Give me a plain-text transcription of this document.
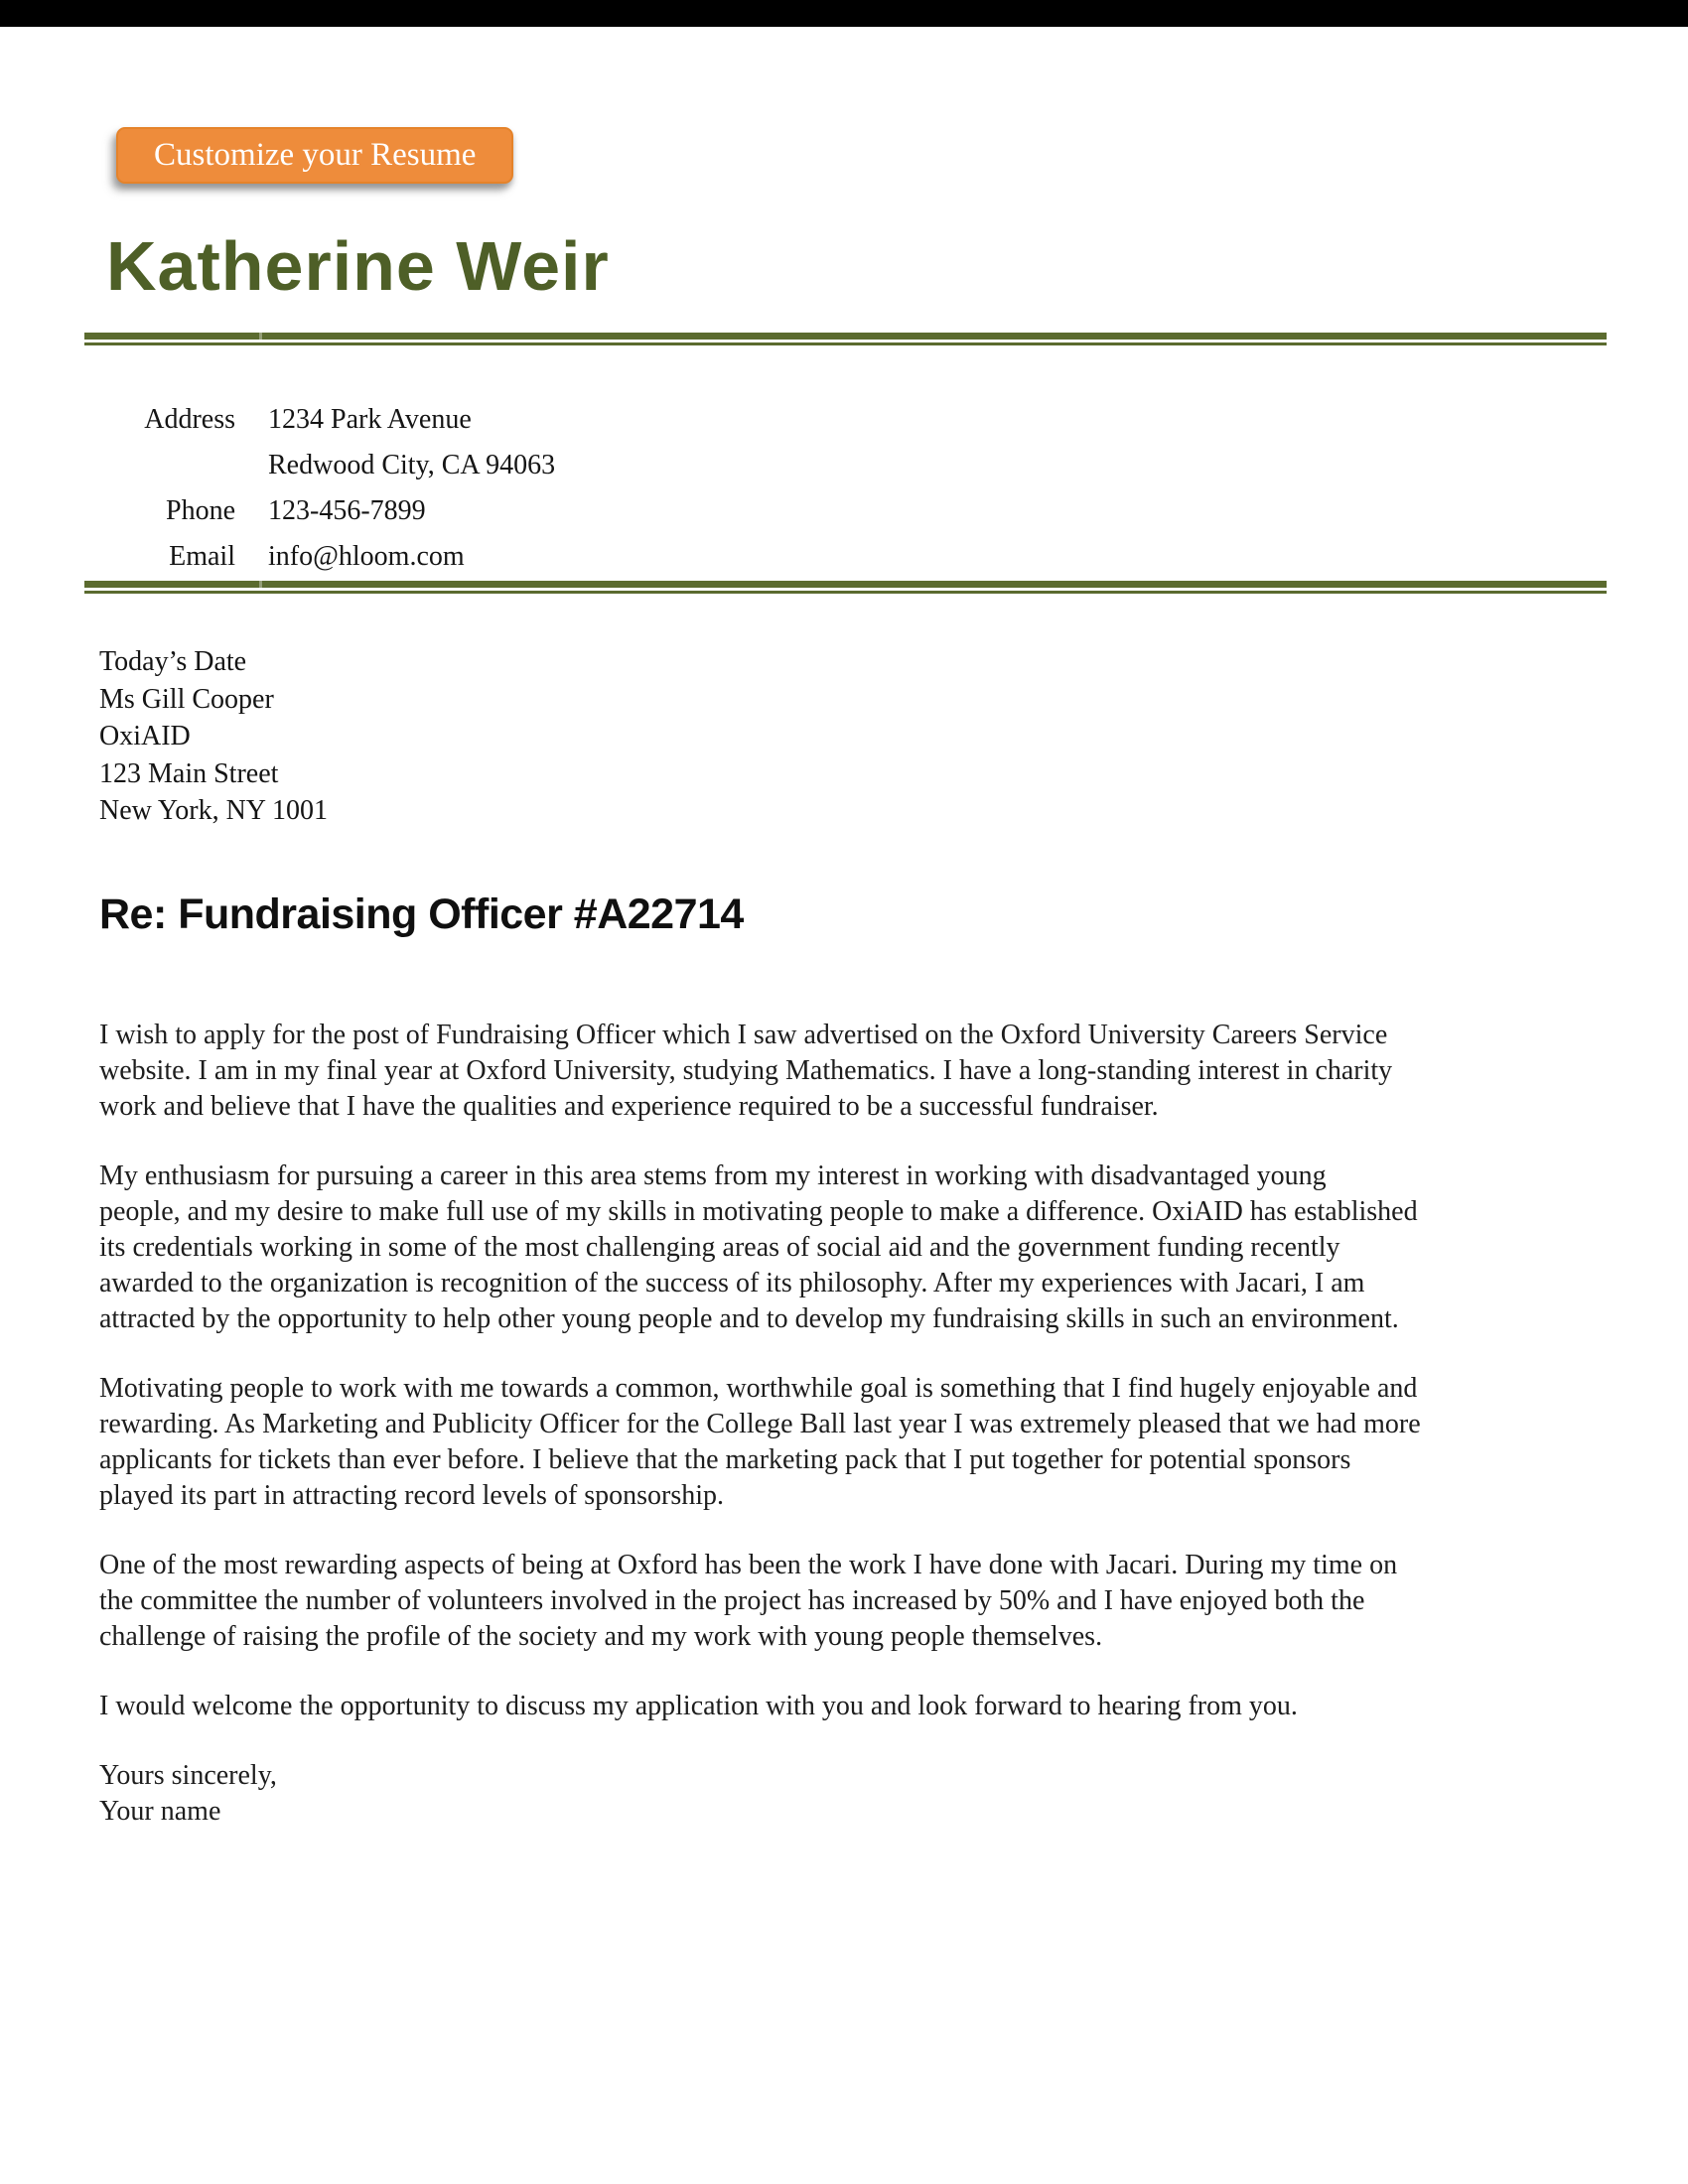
Customize your Resume
Katherine Weir
Address 1234 Park Avenue
Redwood City, CA 94063
Phone 123-456-7899
Email info@hloom.com
Today’s Date
Ms Gill Cooper
OxiAID
123 Main Street
New York, NY 1001
Re: Fundraising Officer #A22714

I wish to apply for the post of Fundraising Officer which I saw advertised on the Oxford University Careers Service
website. I am in my final year at Oxford University, studying Mathematics. I have a long-standing interest in charity
work and believe that I have the qualities and experience required to be a successful fundraiser.

My enthusiasm for pursuing a career in this area stems from my interest in working with disadvantaged young
people, and my desire to make full use of my skills in motivating people to make a difference. OxiAID has established
its credentials working in some of the most challenging areas of social aid and the government funding recently
awarded to the organization is recognition of the success of its philosophy. After my experiences with Jacari, I am
attracted by the opportunity to help other young people and to develop my fundraising skills in such an environment.

Motivating people to work with me towards a common, worthwhile goal is something that I find hugely enjoyable and
rewarding. As Marketing and Publicity Officer for the College Ball last year I was extremely pleased that we had more
applicants for tickets than ever before. I believe that the marketing pack that I put together for potential sponsors
played its part in attracting record levels of sponsorship.

One of the most rewarding aspects of being at Oxford has been the work I have done with Jacari. During my time on
the committee the number of volunteers involved in the project has increased by 50% and I have enjoyed both the
challenge of raising the profile of the society and my work with young people themselves.

I would welcome the opportunity to discuss my application with you and look forward to hearing from you.

Yours sincerely,
Your name
